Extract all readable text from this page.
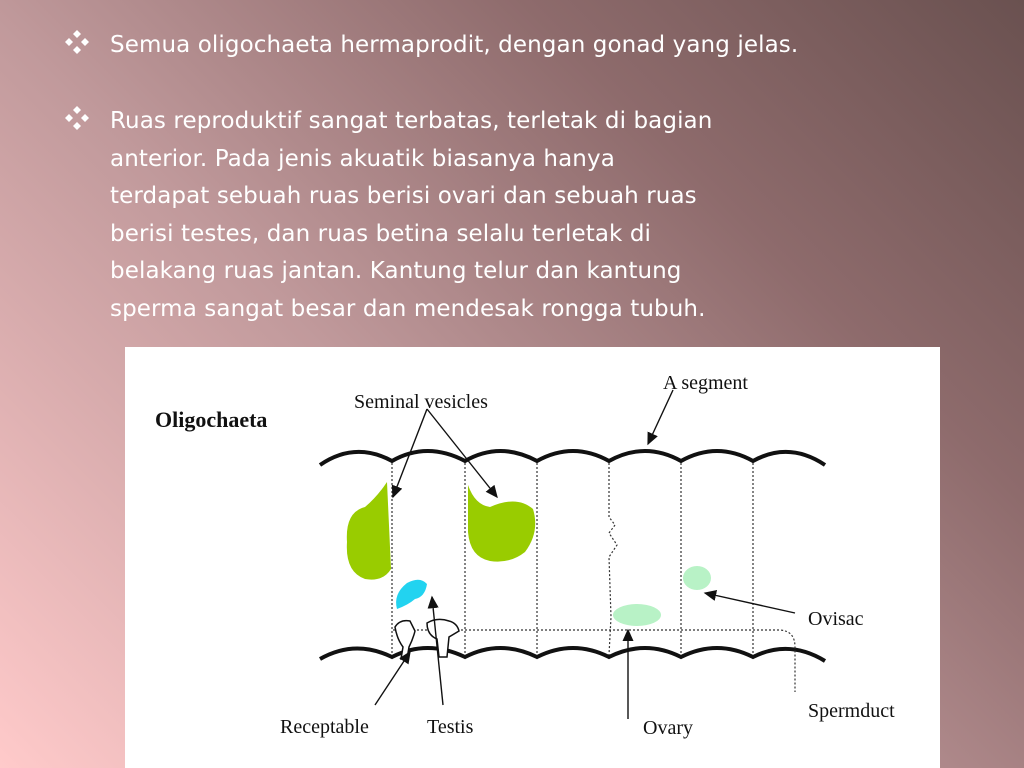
Semua oligochaeta hermaprodit, dengan gonad yang jelas.
Ruas reproduktif sangat terbatas, terletak di bagian
anterior. Pada jenis akuatik biasanya hanya
terdapat sebuah ruas berisi ovari dan sebuah ruas
berisi testes, dan ruas betina selalu terletak di
belakang ruas jantan. Kantung telur dan kantung
sperma sangat besar dan mendesak rongga tubuh.
Oligochaeta
Seminal vesicles
A segment
Ovisac
Spermduct
Receptable	Testis	Ovary
